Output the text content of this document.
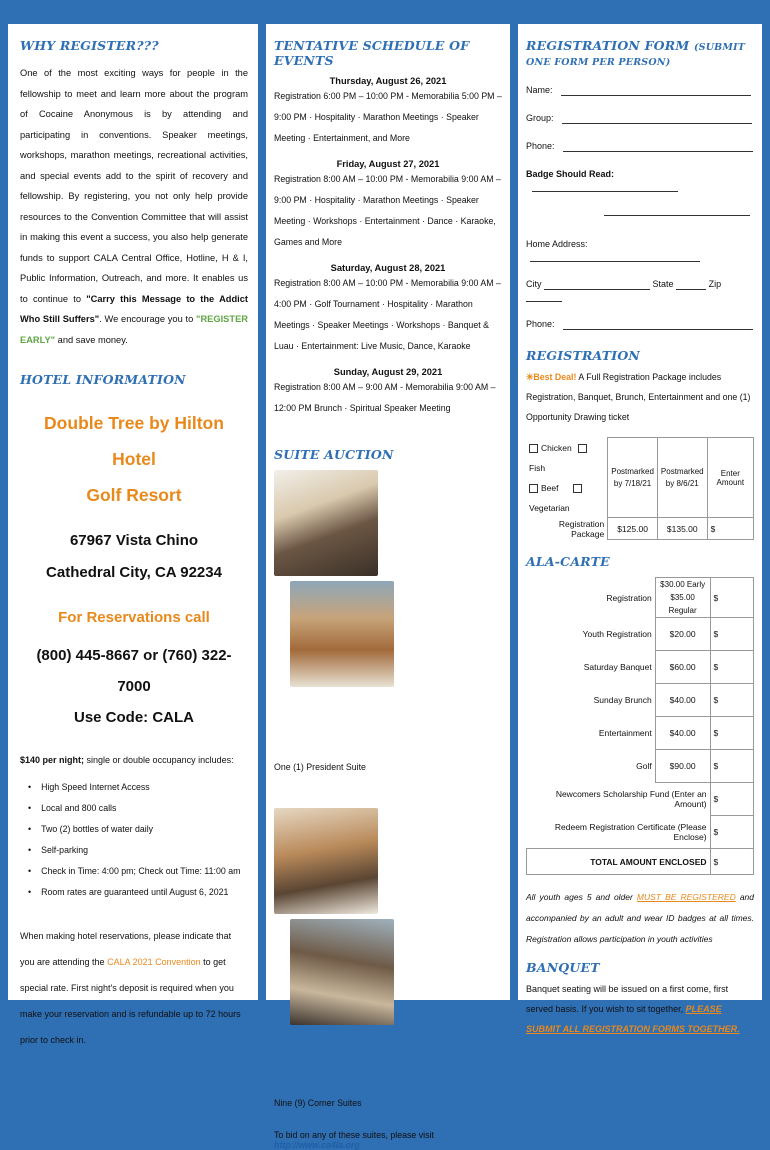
WHY REGISTER???

One of the most exciting ways for people in the fellowship to meet and learn more about the program of Cocaine Anonymous is by attending and participating in conventions. Speaker meetings, workshops, marathon meetings, recreational activities, and special events add to the spirit of recovery and fellowship. By registering, you not only help provide resources to the Convention Committee that will assist in making this event a success, you also help generate funds to support CALA Central Office, Hotline, H & I, Public Information, Outreach, and more. It enables us to continue to "Carry this Message to the Addict Who Still Suffers". We encourage you to "REGISTER EARLY" and save money.

HOTEL INFORMATION
Double Tree by Hilton Hotel
Golf Resort
67967 Vista Chino
Cathedral City, CA 92234
For Reservations call
(800) 445-8667 or (760) 322-7000
Use Code: CALA

$140 per night; single or double occupancy includes:

• High Speed Internet Access
• Local and 800 calls
• Two (2) bottles of water daily
• Self-parking
• Check in Time: 4:00 pm; Check out Time: 11:00 am
• Room rates are guaranteed until August 6, 2021

When making hotel reservations, please indicate that you are attending the CALA 2021 Convention to get special rate. First night's deposit is required when you make your reservation and is refundable up to 72 hours prior to check in.

TENTATIVE SCHEDULE OF EVENTS
Thursday, August 26, 2021

Registration 6:00 PM – 10:00 PM - Memorabilia 5:00 PM – 9:00 PM · Hospitality · Marathon Meetings · Speaker Meeting · Entertainment, and More

Friday, August 27, 2021

Registration 8:00 AM – 10:00 PM - Memorabilia 9:00 AM – 9:00 PM · Hospitality · Marathon Meetings · Speaker Meeting · Workshops · Entertainment · Dance · Karaoke, Games and More

Saturday, August 28, 2021

Registration 8:00 AM – 10:00 PM - Memorabilia 9:00 AM – 4:00 PM · Golf Tournament · Hospitality · Marathon Meetings · Speaker Meetings · Workshops · Banquet & Luau · Entertainment: Live Music, Dance, Karaoke

Sunday, August 29, 2021

Registration 8:00 AM – 9:00 AM - Memorabilia 9:00 AM – 12:00 PM Brunch · Spiritual Speaker Meeting

SUITE AUCTION

One (1) President Suite

Nine (9) Corner Suites

To bid on any of these suites, please visit http://www.ca4la.org

REGISTRATION FORM (SUBMIT ONE FORM PER PERSON)
Name:
Group:
Phone:
Badge Should Read:
Home Address:
City	State	Zip
Phone:
REGISTRATION

✳Best Deal! A Full Registration Package includes Registration, Banquet, Brunch, Entertainment and one (1) Opportunity Drawing ticket

Chicken Fish
Beef Vegetarian	Postmarked by 7/18/21	Postmarked by 8/6/21	Enter Amount
Registration Package	$125.00	$135.00	$
ALA-CARTE
Registration	$30.00 Early
$35.00 Regular	$
Youth Registration	$20.00	$
Saturday Banquet	$60.00	$
Sunday Brunch	$40.00	$
Entertainment	$40.00	$
Golf	$90.00	$
Newcomers Scholarship Fund (Enter an Amount)		$
Redeem Registration Certificate (Please Enclose)		$
TOTAL AMOUNT ENCLOSED		$

All youth ages 5 and older MUST BE REGISTERED and accompanied by an adult and wear ID badges at all times. Registration allows participation in youth activities

BANQUET

Banquet seating will be issued on a first come, first served basis. If you wish to sit together, PLEASE SUBMIT ALL REGISTRATION FORMS TOGETHER.
